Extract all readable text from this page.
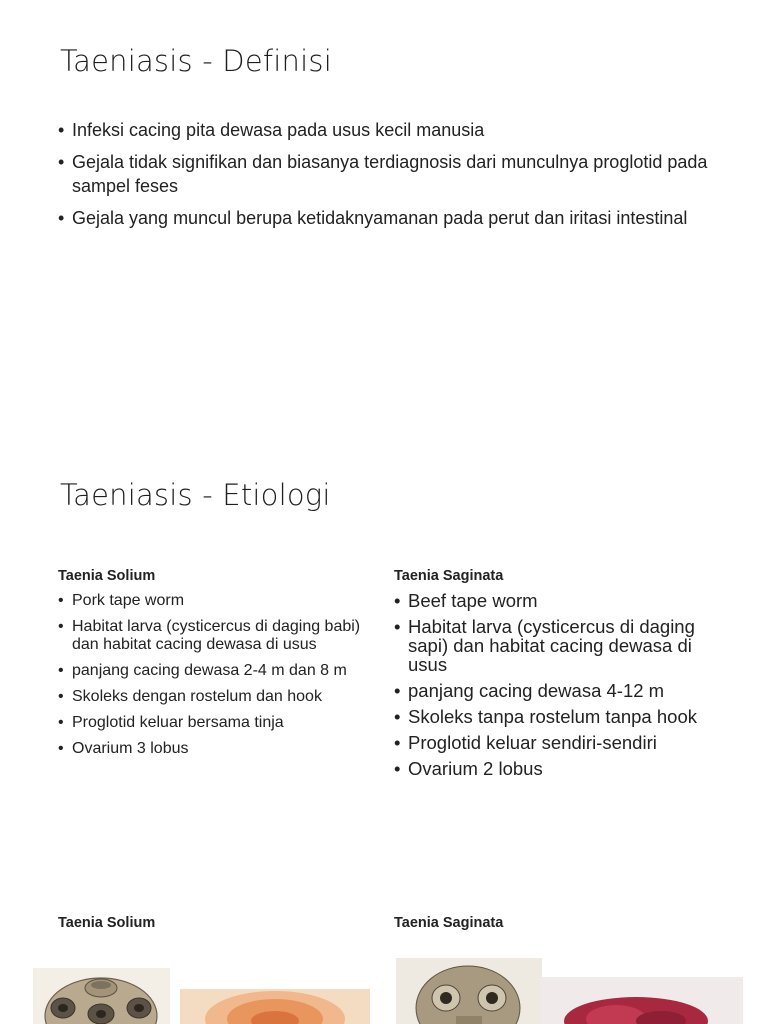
Taeniasis - Definisi
• Infeksi cacing pita dewasa pada usus kecil manusia
• Gejala tidak signifikan dan biasanya terdiagnosis dari munculnya proglotid pada sampel feses
• Gejala yang muncul berupa ketidaknyamanan pada perut dan iritasi intestinal
Taeniasis - Etiologi
Taenia Solium
• Pork tape worm
• Habitat larva (cysticercus di daging babi) dan habitat cacing dewasa di usus
• panjang cacing dewasa 2-4 m dan 8 m
• Skoleks dengan rostelum dan hook
• Proglotid keluar bersama tinja
• Ovarium 3 lobus
Taenia Saginata
• Beef tape worm
• Habitat larva (cysticercus di daging sapi) dan habitat cacing dewasa di usus
• panjang cacing dewasa 4-12 m
• Skoleks tanpa rostelum tanpa hook
• Proglotid keluar sendiri-sendiri
• Ovarium 2 lobus
Taenia Solium	Taenia Saginata
